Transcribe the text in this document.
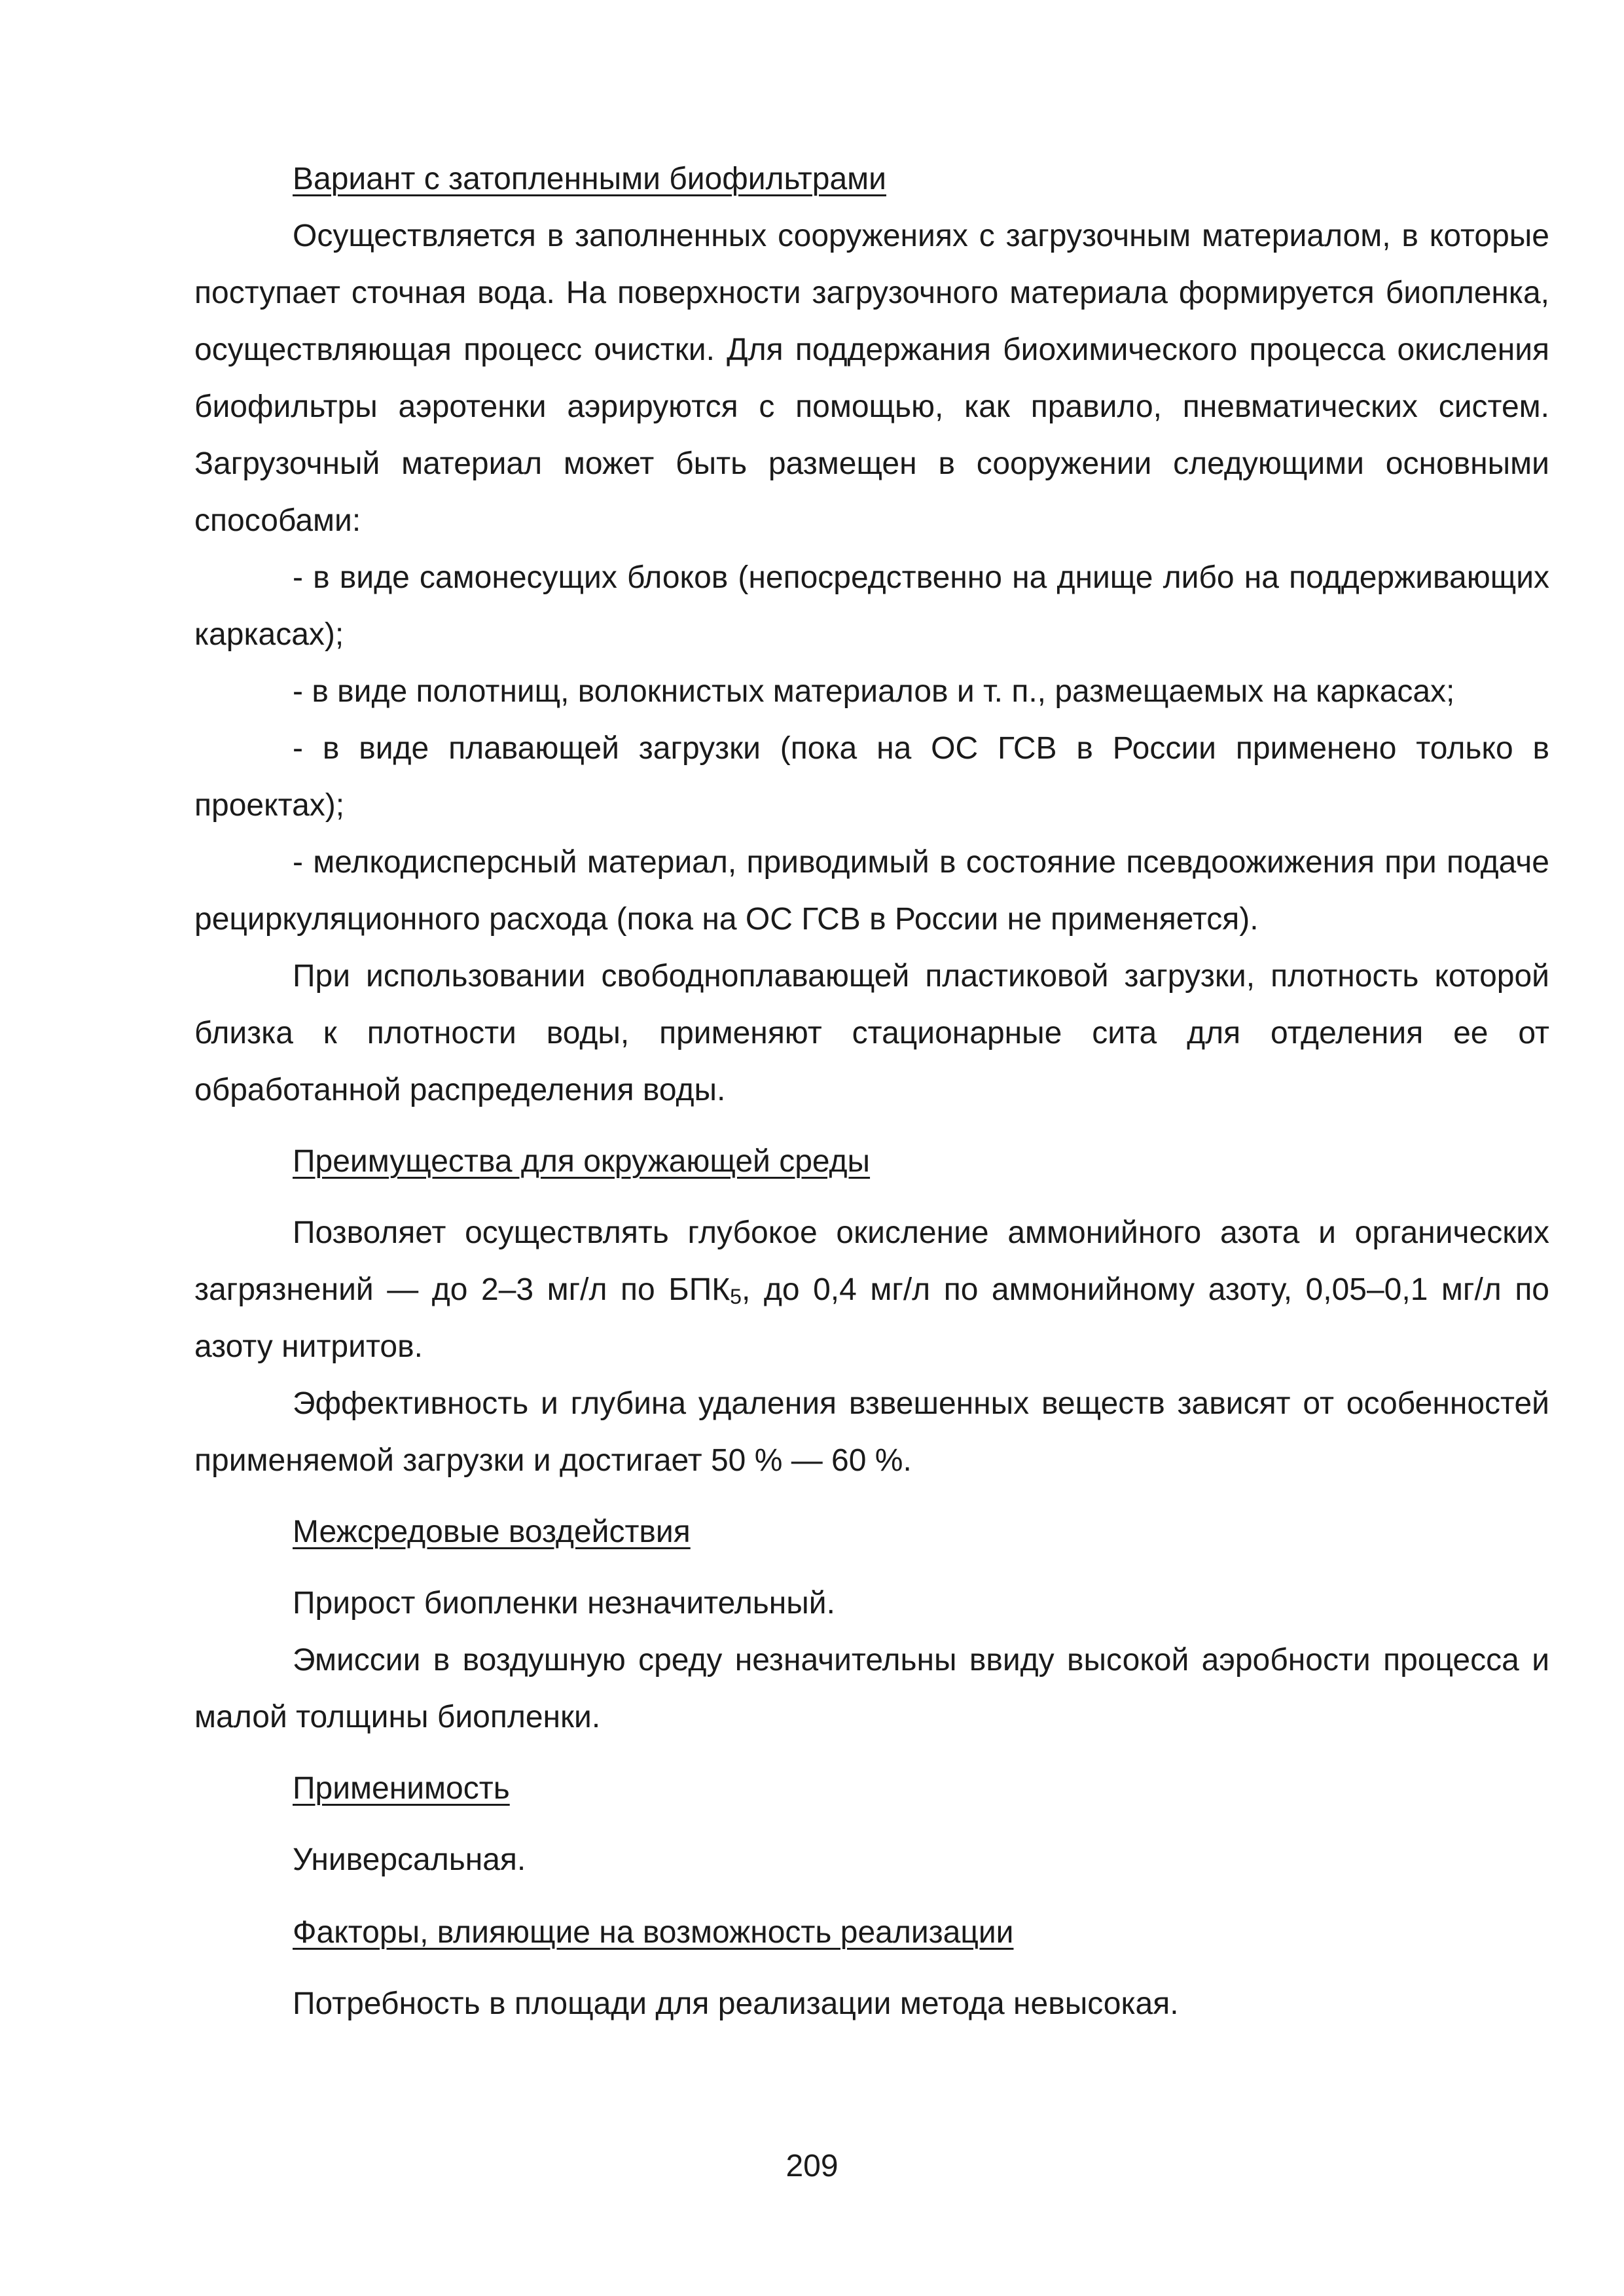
Вариант с затопленными биофильтрами

Осуществляется в заполненных сооружениях с загрузочным материалом, в которые поступает сточная вода. На поверхности загрузочного материала формируется биопленка, осуществляющая процесс очистки. Для поддержания биохимического процесса окисления биофильтры аэротенки аэрируются с помощью, как правило, пневматических систем. Загрузочный материал может быть размещен в сооружении следующими основными способами:

- в виде самонесущих блоков (непосредственно на днище либо на поддерживающих каркасах);

- в виде полотнищ, волокнистых материалов и т. п., размещаемых на каркасах;

- в виде плавающей загрузки (пока на ОС ГСВ в России применено только в проектах);

- мелкодисперсный материал, приводимый в состояние псевдоожижения при подаче рециркуляционного расхода (пока на ОС ГСВ в России не применяется).

При использовании свободноплавающей пластиковой загрузки, плотность которой близка к плотности воды, применяют стационарные сита для отделения ее от обработанной распределения воды.

Преимущества для окружающей среды

Позволяет осуществлять глубокое окисление аммонийного азота и органических загрязнений — до 2–3 мг/л по $БПК_5$, до 0,4 мг/л по аммонийному азоту, 0,05–0,1 мг/л по азоту нитритов.

Эффективность и глубина удаления взвешенных веществ зависят от особенностей применяемой загрузки и достигает 50 % — 60 %.

Межсредовые воздействия

Прирост биопленки незначительный.

Эмиссии в воздушную среду незначительны ввиду высокой аэробности процесса и малой толщины биопленки.

Применимость

Универсальная.

Факторы, влияющие на возможность реализации

Потребность в площади для реализации метода невысокая.

209
